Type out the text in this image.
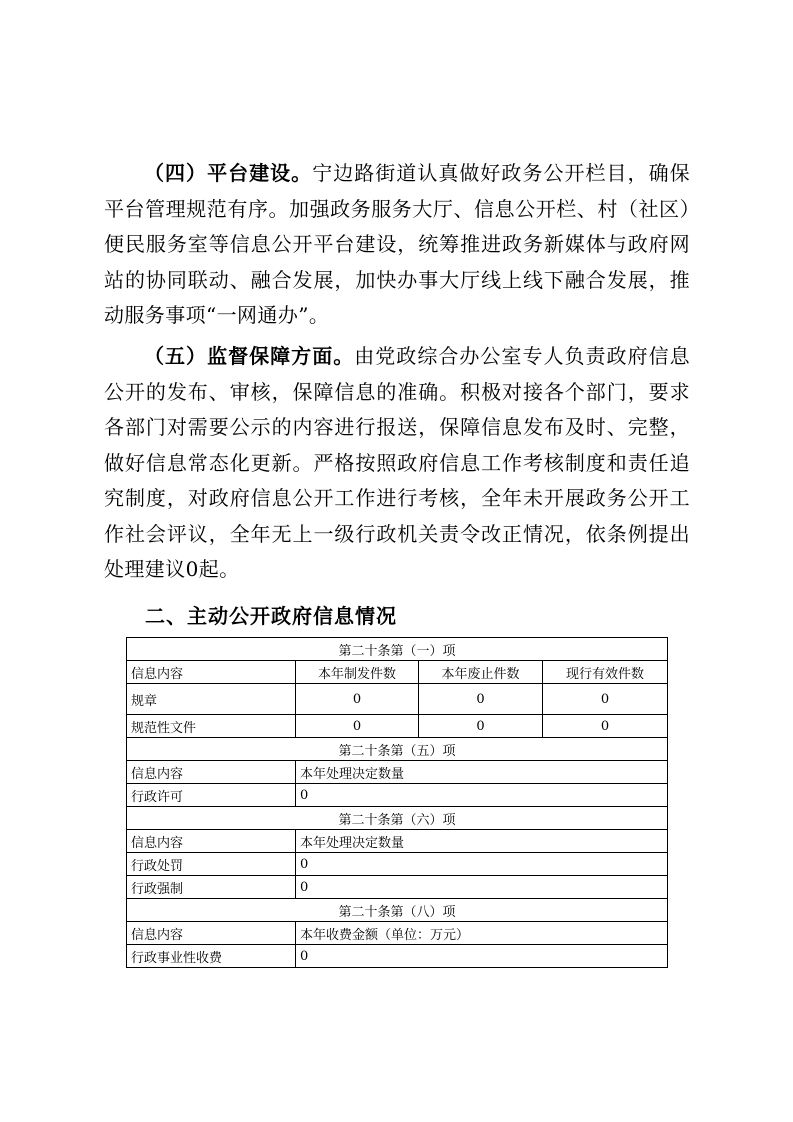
（四）平台建设。宁边路街道认真做好政务公开栏目，确保平台管理规范有序。加强政务服务大厅、信息公开栏、村（社区）便民服务室等信息公开平台建设，统筹推进政务新媒体与政府网站的协同联动、融合发展，加快办事大厅线上线下融合发展，推动服务事项“一网通办”。

（五）监督保障方面。由党政综合办公室专人负责政府信息公开的发布、审核，保障信息的准确。积极对接各个部门，要求各部门对需要公示的内容进行报送，保障信息发布及时、完整，做好信息常态化更新。严格按照政府信息工作考核制度和责任追究制度，对政府信息公开工作进行考核，全年未开展政务公开工作社会评议，全年无上一级行政机关责令改正情况，依条例提出处理建议0起。

二、主动公开政府信息情况
第二十条第（一）项			
信息内容	本年制发件数	本年废止件数	现行有效件数
规章	0	0	0
规范性文件	0	0	0
第二十条第（五）项			
信息内容	本年处理决定数量		
行政许可	0		
第二十条第（六）项			
信息内容	本年处理决定数量		
行政处罚	0		
行政强制	0		
第二十条第（八）项			
信息内容	本年收费金额（单位：万元）		
行政事业性收费	0		
